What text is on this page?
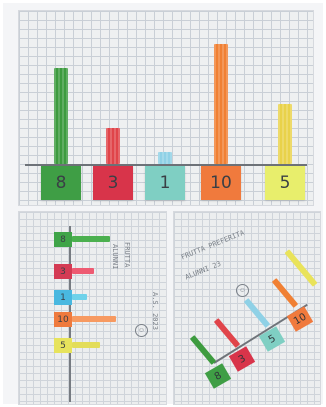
8	3	1	10	5
8
3
1
10
5
FRUTTA
ALUNNI
A.S. 2023
☺
FRUTTA PREFERITA
ALUNNI 23
☺
8
3
5
10
